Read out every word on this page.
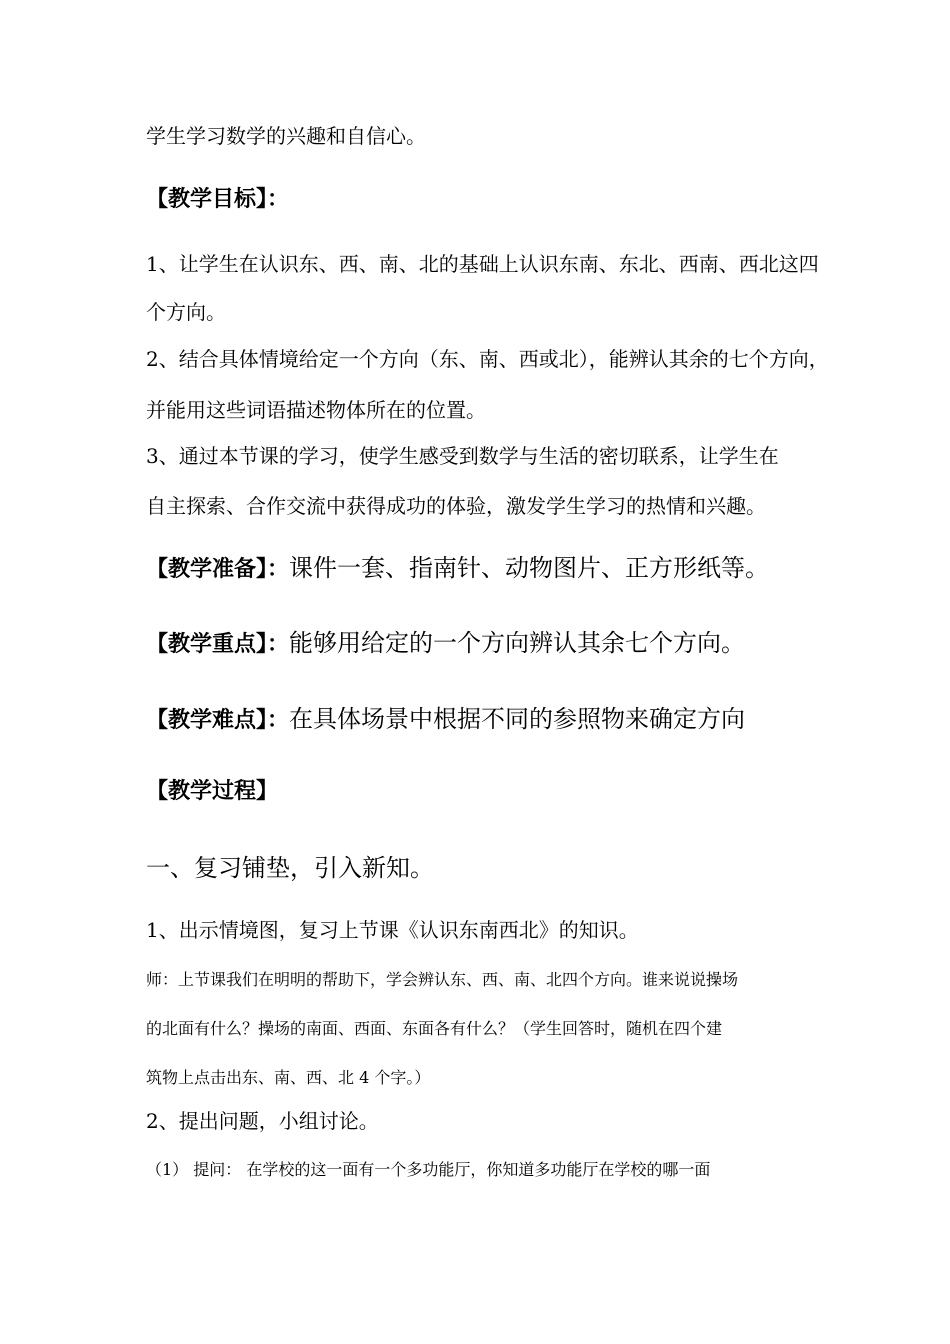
学生学习数学的兴趣和自信心。
【教学目标】：
1、让学生在认识东、西、南、北的基础上认识东南、东北、西南、西北这四
个方向。
2、结合具体情境给定一个方向（东、南、西或北），能辨认其余的七个方向，
并能用这些词语描述物体所在的位置。
3、通过本节课的学习，使学生感受到数学与生活的密切联系，让学生在
自主探索、合作交流中获得成功的体验，激发学生学习的热情和兴趣。
【教学准备】：课件一套、指南针、动物图片、正方形纸等。
【教学重点】：能够用给定的一个方向辨认其余七个方向。
【教学难点】：在具体场景中根据不同的参照物来确定方向
【教学过程】
一、复习铺垫，引入新知。
1、出示情境图，复习上节课《认识东南西北》的知识。
师：上节课我们在明明的帮助下，学会辨认东、西、南、北四个方向。谁来说说操场
的北面有什么？操场的南面、西面、东面各有什么？（学生回答时，随机在四个建
筑物上点击出东、南、西、北 4 个字。）
2、提出问题，小组讨论。
（1） 提问： 在学校的这一面有一个多功能厅，你知道多功能厅在学校的哪一面
